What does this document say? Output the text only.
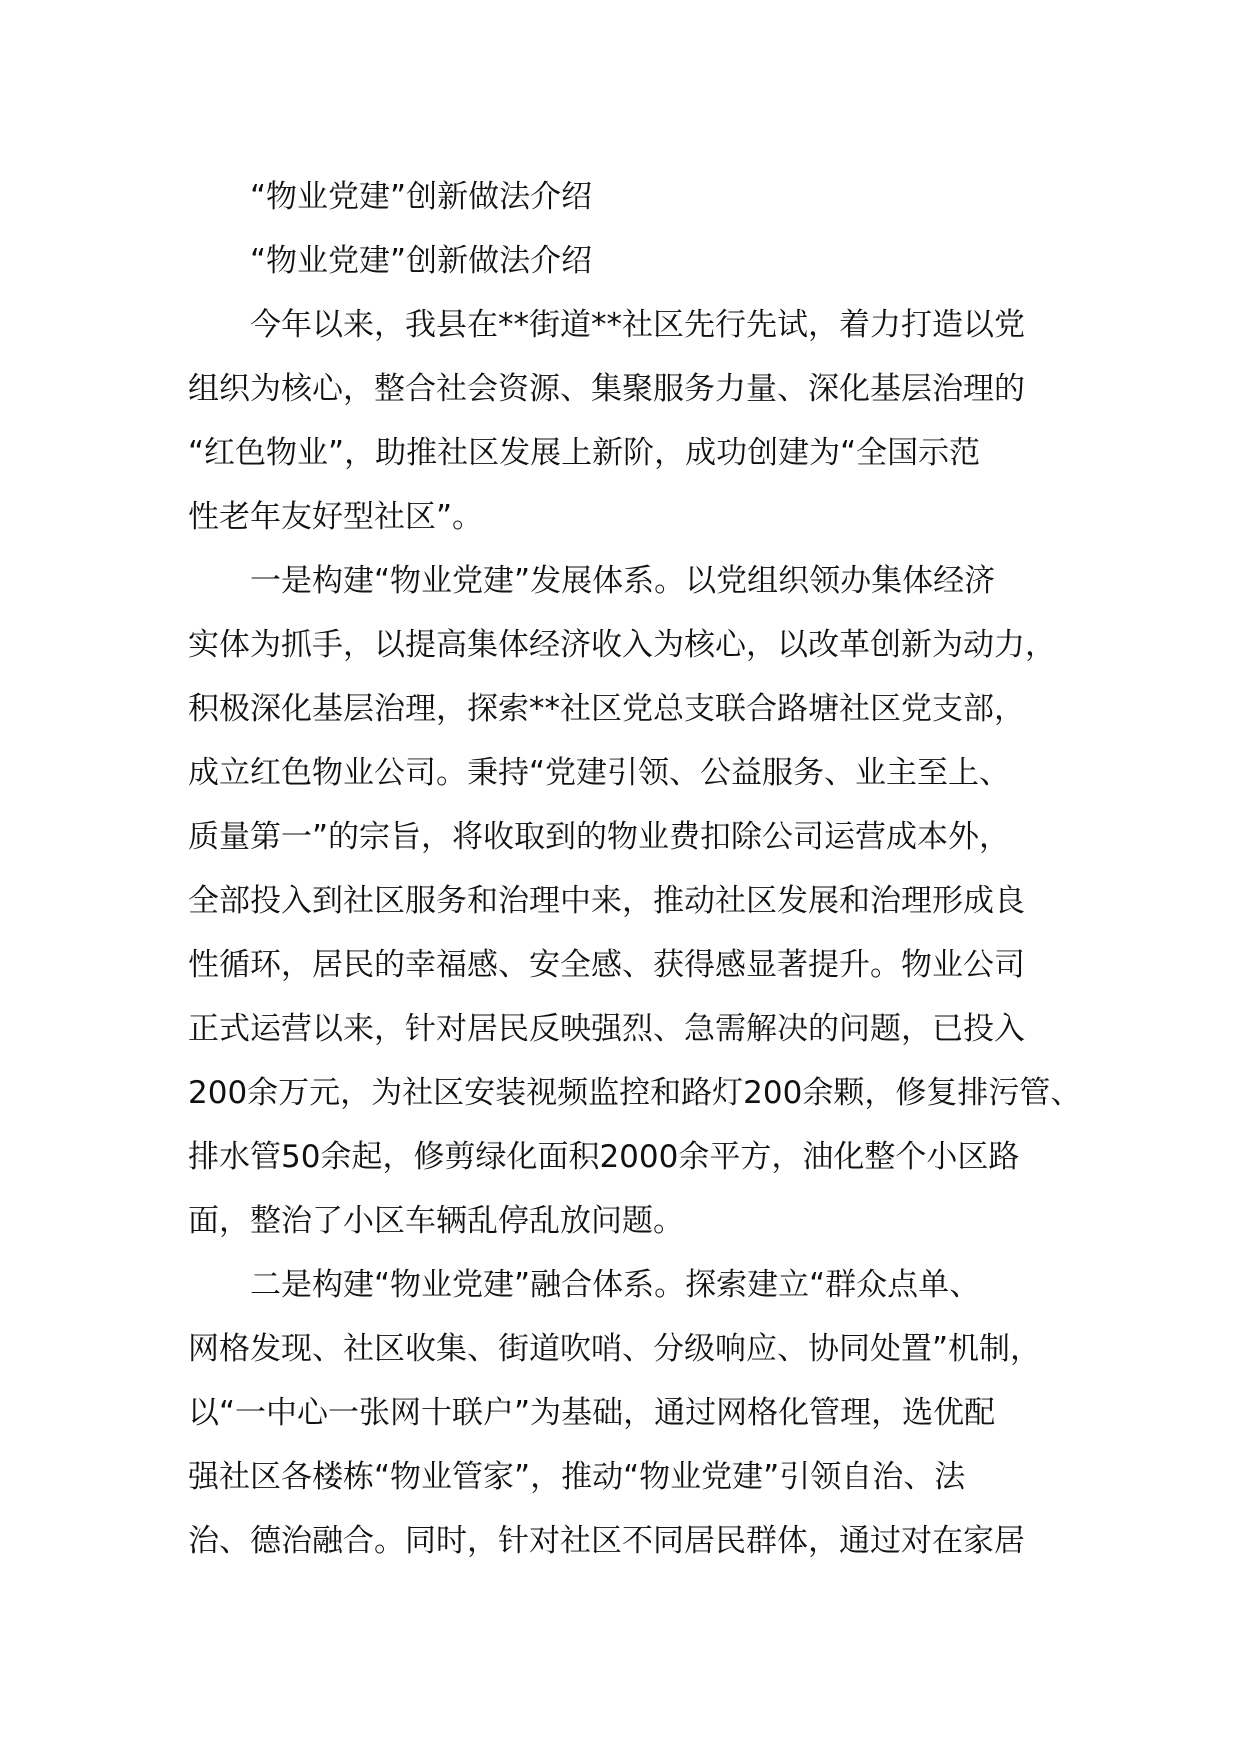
“物业党建”创新做法介绍
“物业党建”创新做法介绍
今年以来，我县在**街道**社区先行先试，着力打造以党
组织为核心，整合社会资源、集聚服务力量、深化基层治理的
“红色物业”，助推社区发展上新阶，成功创建为“全国示范
性老年友好型社区”。
一是构建“物业党建”发展体系。以党组织领办集体经济
实体为抓手，以提高集体经济收入为核心，以改革创新为动力，
积极深化基层治理，探索**社区党总支联合路塘社区党支部，
成立红色物业公司。秉持“党建引领、公益服务、业主至上、
质量第一”的宗旨，将收取到的物业费扣除公司运营成本外，
全部投入到社区服务和治理中来，推动社区发展和治理形成良
性循环，居民的幸福感、安全感、获得感显著提升。物业公司
正式运营以来，针对居民反映强烈、急需解决的问题，已投入
200余万元，为社区安装视频监控和路灯200余颗，修复排污管、
排水管50余起，修剪绿化面积2000余平方，油化整个小区路
面，整治了小区车辆乱停乱放问题。
二是构建“物业党建”融合体系。探索建立“群众点单、
网格发现、社区收集、街道吹哨、分级响应、协同处置”机制，
以“一中心一张网十联户”为基础，通过网格化管理，选优配
强社区各楼栋“物业管家”，推动“物业党建”引领自治、法
治、德治融合。同时，针对社区不同居民群体，通过对在家居
